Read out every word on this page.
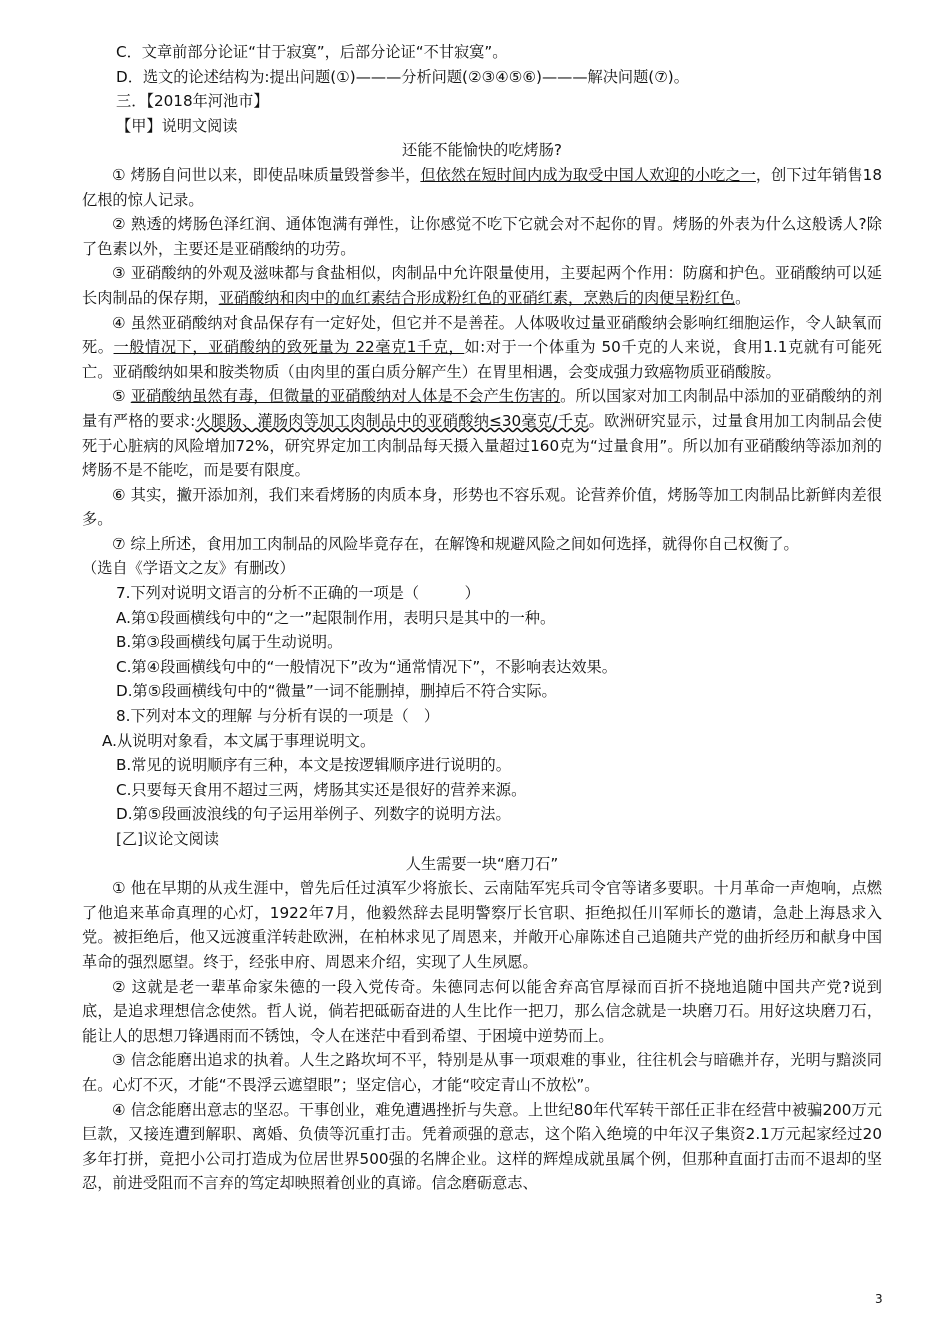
C．文章前部分论证“甘于寂寞”，后部分论证“不甘寂寞”。
D．选文的论述结构为:提出问题(①)———分析问题(②③④⑤⑥)———解决问题(⑦)。
三．【2018年河池市】
【甲】说明文阅读
还能不能愉快的吃烤肠?

① 烤肠自问世以来，即使品味质量毁誉参半，但依然在短时间内成为取受中国人欢迎的小吃之一，创下过年销售18亿根的惊人记录。

② 熟透的烤肠色泽红润、通体饱满有弹性，让你感觉不吃下它就会对不起你的胃。烤肠的外表为什么这般诱人?除了色素以外，主要还是亚硝酸纳的功劳。

③ 亚硝酸纳的外观及滋味都与食盐相似，肉制品中允许限量使用，主要起两个作用：防腐和护色。亚硝酸纳可以延长肉制品的保存期，亚硝酸纳和肉中的血红素结合形成粉红色的亚硝红素，烹熟后的肉便呈粉红色。

④ 虽然亚硝酸纳对食品保存有一定好处，但它并不是善茬。人体吸收过量亚硝酸纳会影响红细胞运作，令人缺氧而死。一般情况下，亚硝酸纳的致死量为 22毫克1千克，如:对于一个体重为 50千克的人来说，食用1.1克就有可能死亡。亚硝酸纳如果和胺类物质（由肉里的蛋白质分解产生）在胃里相遇，会变成强力致癌物质亚硝酸胺。

⑤ 亚硝酸纳虽然有毒，但微量的亚硝酸纳对人体是不会产生伤害的。所以国家对加工肉制品中添加的亚硝酸纳的剂量有严格的要求:火腿肠、灌肠肉等加工肉制品中的亚硝酸纳≤30毫克/千克。欧洲研究显示，过量食用加工肉制品会使死于心脏病的风险增加72%，研究界定加工肉制品每天摄入量超过160克为“过量食用”。所以加有亚硝酸纳等添加剂的烤肠不是不能吃，而是要有限度。

⑥ 其实，撇开添加剂，我们来看烤肠的肉质本身，形势也不容乐观。论营养价值，烤肠等加工肉制品比新鲜肉差很多。

⑦ 综上所述，食用加工肉制品的风险毕竟存在，在解馋和规避风险之间如何选择，就得你自己权衡了。

（选自《学语文之友》有删改）
7.下列对说明文语言的分析不正确的一项是（　　　）
A.第①段画横线句中的“之一”起限制作用，表明只是其中的一种。
B.第③段画横线句属于生动说明。
C.第④段画横线句中的“一般情况下”改为“通常情况下”，不影响表达效果。
D.第⑤段画横线句中的“微量”一词不能删掉，删掉后不符合实际。
8.下列对本文的理解 与分析有误的一项是（　）
A.从说明对象看，本文属于事理说明文。
B.常见的说明顺序有三种，本文是按逻辑顺序进行说明的。
C.只要每天食用不超过三两，烤肠其实还是很好的营养来源。
D.第⑤段画波浪线的句子运用举例子、列数字的说明方法。
[乙]议论文阅读
人生需要一块“磨刀石”

① 他在早期的从戎生涯中，曾先后任过滇军少将旅长、云南陆军宪兵司令官等诸多要职。十月革命一声炮响，点燃了他追来革命真理的心灯，1922年7月，他毅然辞去昆明警察厅长官职、拒绝拟任川军师长的邀请，急赴上海恳求入党。被拒绝后，他又远渡重洋转赴欧洲，在柏林求见了周恩来，并敞开心扉陈述自己追随共产党的曲折经历和献身中国革命的强烈愿望。终于，经张申府、周恩来介绍，实现了人生夙愿。

② 这就是老一辈革命家朱德的一段入党传奇。朱德同志何以能舍弃高官厚禄而百折不挠地追随中国共产党?说到底，是追求理想信念使然。哲人说，倘若把砥砺奋进的人生比作一把刀，那么信念就是一块磨刀石。用好这块磨刀石，能让人的思想刀锋遇雨而不锈蚀，令人在迷茫中看到希望、于困境中逆势而上。

③ 信念能磨出追求的执着。人生之路坎坷不平，特别是从事一项艰难的事业，往往机会与暗礁并存，光明与黯淡同在。心灯不灭，才能“不畏浮云遮望眼”；坚定信心，才能“咬定青山不放松”。

④ 信念能磨出意志的坚忍。干事创业，难免遭遇挫折与失意。上世纪80年代军转干部任正非在经营中被骗200万元巨款，又接连遭到解职、离婚、负债等沉重打击。凭着顽强的意志，这个陷入绝境的中年汉子集资2.1万元起家经过20多年打拼，竟把小公司打造成为位居世界500强的名牌企业。这样的辉煌成就虽属个例，但那种直面打击而不退却的坚忍，前进受阻而不言弃的笃定却映照着创业的真谛。信念磨砺意志、

3
